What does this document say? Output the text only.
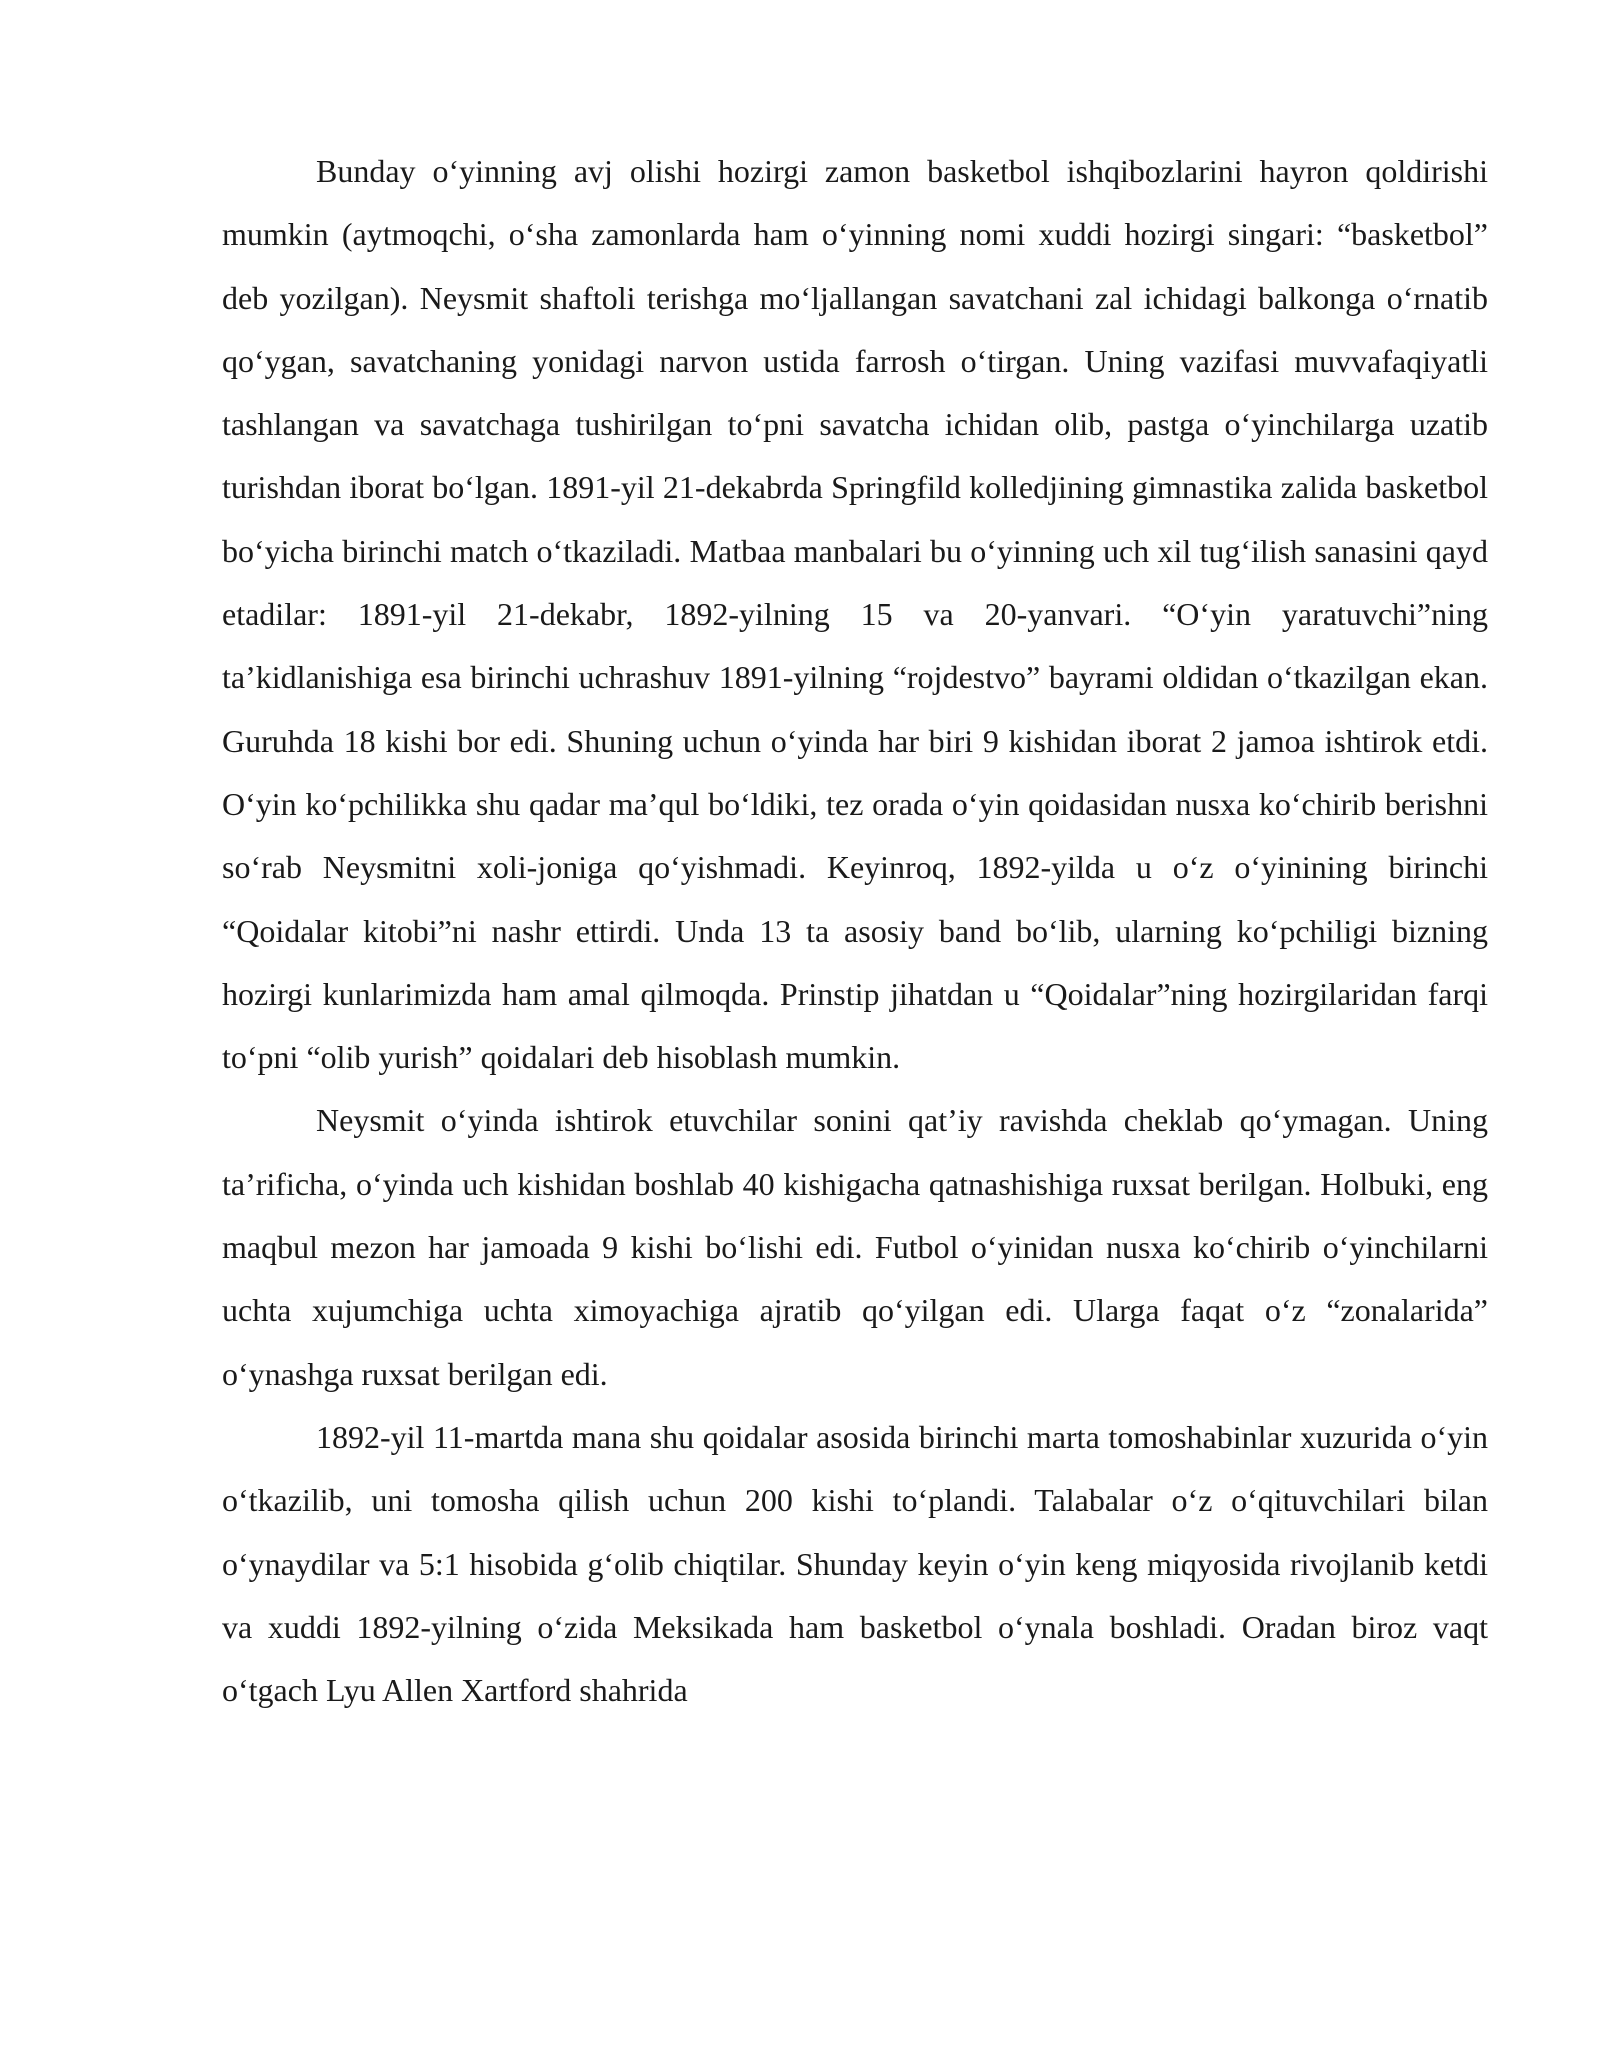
Bunday o‘yinning avj olishi hozirgi zamon basketbol ishqibozlarini hayron qoldirishi mumkin (aytmoqchi, o‘sha zamonlarda ham o‘yinning nomi xuddi hozirgi singari: “basketbol” deb yozilgan). Neysmit shaftoli terishga mo‘ljallangan savatchani zal ichidagi balkonga o‘rnatib qo‘ygan, savatchaning yonidagi narvon ustida farrosh o‘tirgan. Uning vazifasi muvvafaqiyatli tashlangan va savatchaga tushirilgan to‘pni savatcha ichidan olib, pastga o‘yinchilarga uzatib turishdan iborat bo‘lgan. 1891-yil 21-dekabrda Springfild kolledjining gimnastika zalida basketbol bo‘yicha birinchi match o‘tkaziladi. Matbaa manbalari bu o‘yinning uch xil tug‘ilish sanasini qayd etadilar: 1891-yil 21-dekabr, 1892-yilning 15 va 20-yanvari. “O‘yin yaratuvchi”ning ta’kidlanishiga esa birinchi uchrashuv 1891-yilning “rojdestvo” bayrami oldidan o‘tkazilgan ekan. Guruhda 18 kishi bor edi. Shuning uchun o‘yinda har biri 9 kishidan iborat 2 jamoa ishtirok etdi. O‘yin ko‘pchilikka shu qadar ma’qul bo‘ldiki, tez orada o‘yin qoidasidan nusxa ko‘chirib berishni so‘rab Neysmitni xoli-joniga qo‘yishmadi. Keyinroq, 1892-yilda u o‘z o‘yinining birinchi “Qoidalar kitobi”ni nashr ettirdi. Unda 13 ta asosiy band bo‘lib, ularning ko‘pchiligi bizning hozirgi kunlarimizda ham amal qilmoqda. Prinstip jihatdan u “Qoidalar”ning hozirgilaridan farqi to‘pni “olib yurish” qoidalari deb hisoblash mumkin.

Neysmit o‘yinda ishtirok etuvchilar sonini qat’iy ravishda cheklab qo‘ymagan. Uning ta’rificha, o‘yinda uch kishidan boshlab 40 kishigacha qatnashishiga ruxsat berilgan. Holbuki, eng maqbul mezon har jamoada 9 kishi bo‘lishi edi. Futbol o‘yinidan nusxa ko‘chirib o‘yinchilarni uchta xujumchiga uchta ximoyachiga ajratib qo‘yilgan edi. Ularga faqat o‘z “zonalarida” o‘ynashga ruxsat berilgan edi.

1892-yil 11-martda mana shu qoidalar asosida birinchi marta tomoshabinlar xuzurida o‘yin o‘tkazilib, uni tomosha qilish uchun 200 kishi to‘plandi. Talabalar o‘z o‘qituvchilari bilan o‘ynaydilar va 5:1 hisobida g‘olib chiqtilar. Shunday keyin o‘yin keng miqyosida rivojlanib ketdi va xuddi 1892-yilning o‘zida Meksikada ham basketbol o‘ynala boshladi. Oradan biroz vaqt o‘tgach Lyu Allen Xartford shahrida
